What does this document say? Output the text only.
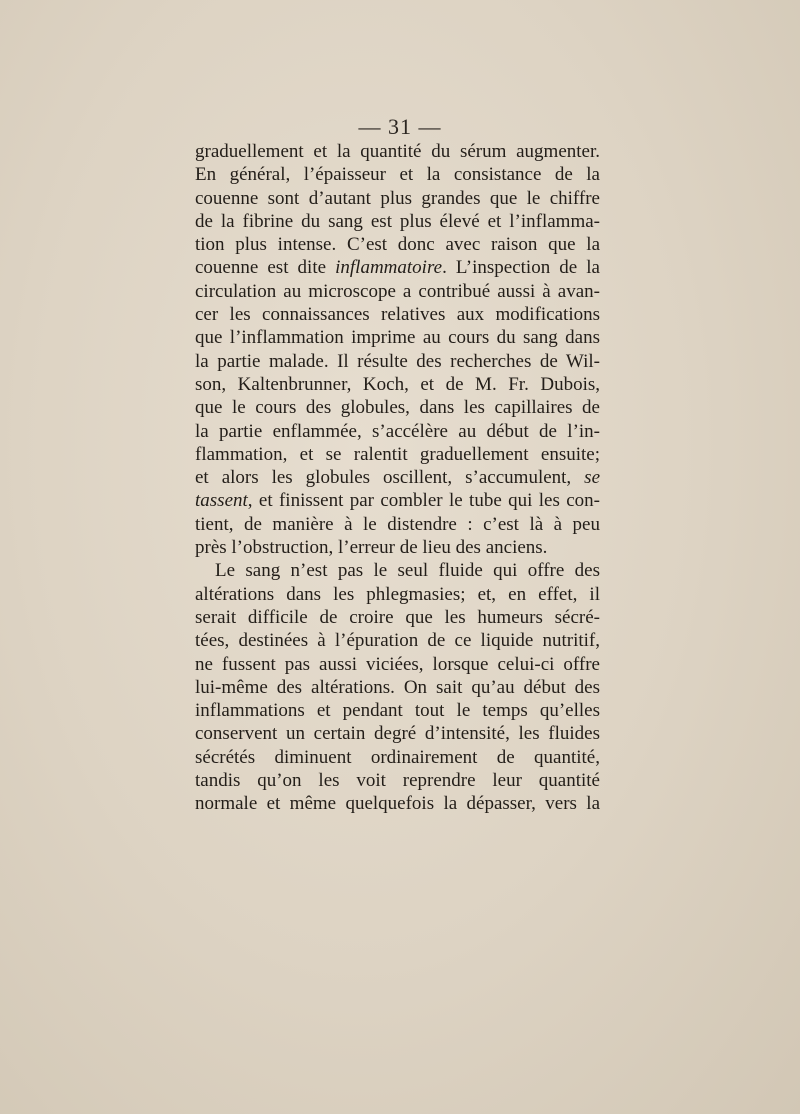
— 31 —
graduellement et la quantité du sérum augmenter.
En général, l’épaisseur et la consistance de la
couenne sont d’autant plus grandes que le chiffre
de la fibrine du sang est plus élevé et l’inflamma-
tion plus intense. C’est donc avec raison que la
couenne est dite inflammatoire. L’inspection de la
circulation au microscope a contribué aussi à avan-
cer les connaissances relatives aux modifications
que l’inflammation imprime au cours du sang dans
la partie malade. Il résulte des recherches de Wil-
son, Kaltenbrunner, Koch, et de M. Fr. Dubois,
que le cours des globules, dans les capillaires de
la partie enflammée, s’accélère au début de l’in-
flammation, et se ralentit graduellement ensuite;
et alors les globules oscillent, s’accumulent, se
tassent, et finissent par combler le tube qui les con-
tient, de manière à le distendre : c’est là à peu
près l’obstruction, l’erreur de lieu des anciens.
Le sang n’est pas le seul fluide qui offre des
altérations dans les phlegmasies; et, en effet, il
serait difficile de croire que les humeurs sécré-
tées, destinées à l’épuration de ce liquide nutritif,
ne fussent pas aussi viciées, lorsque celui-ci offre
lui-même des altérations. On sait qu’au début des
inflammations et pendant tout le temps qu’elles
conservent un certain degré d’intensité, les fluides
sécrétés diminuent ordinairement de quantité,
tandis qu’on les voit reprendre leur quantité
normale et même quelquefois la dépasser, vers la
